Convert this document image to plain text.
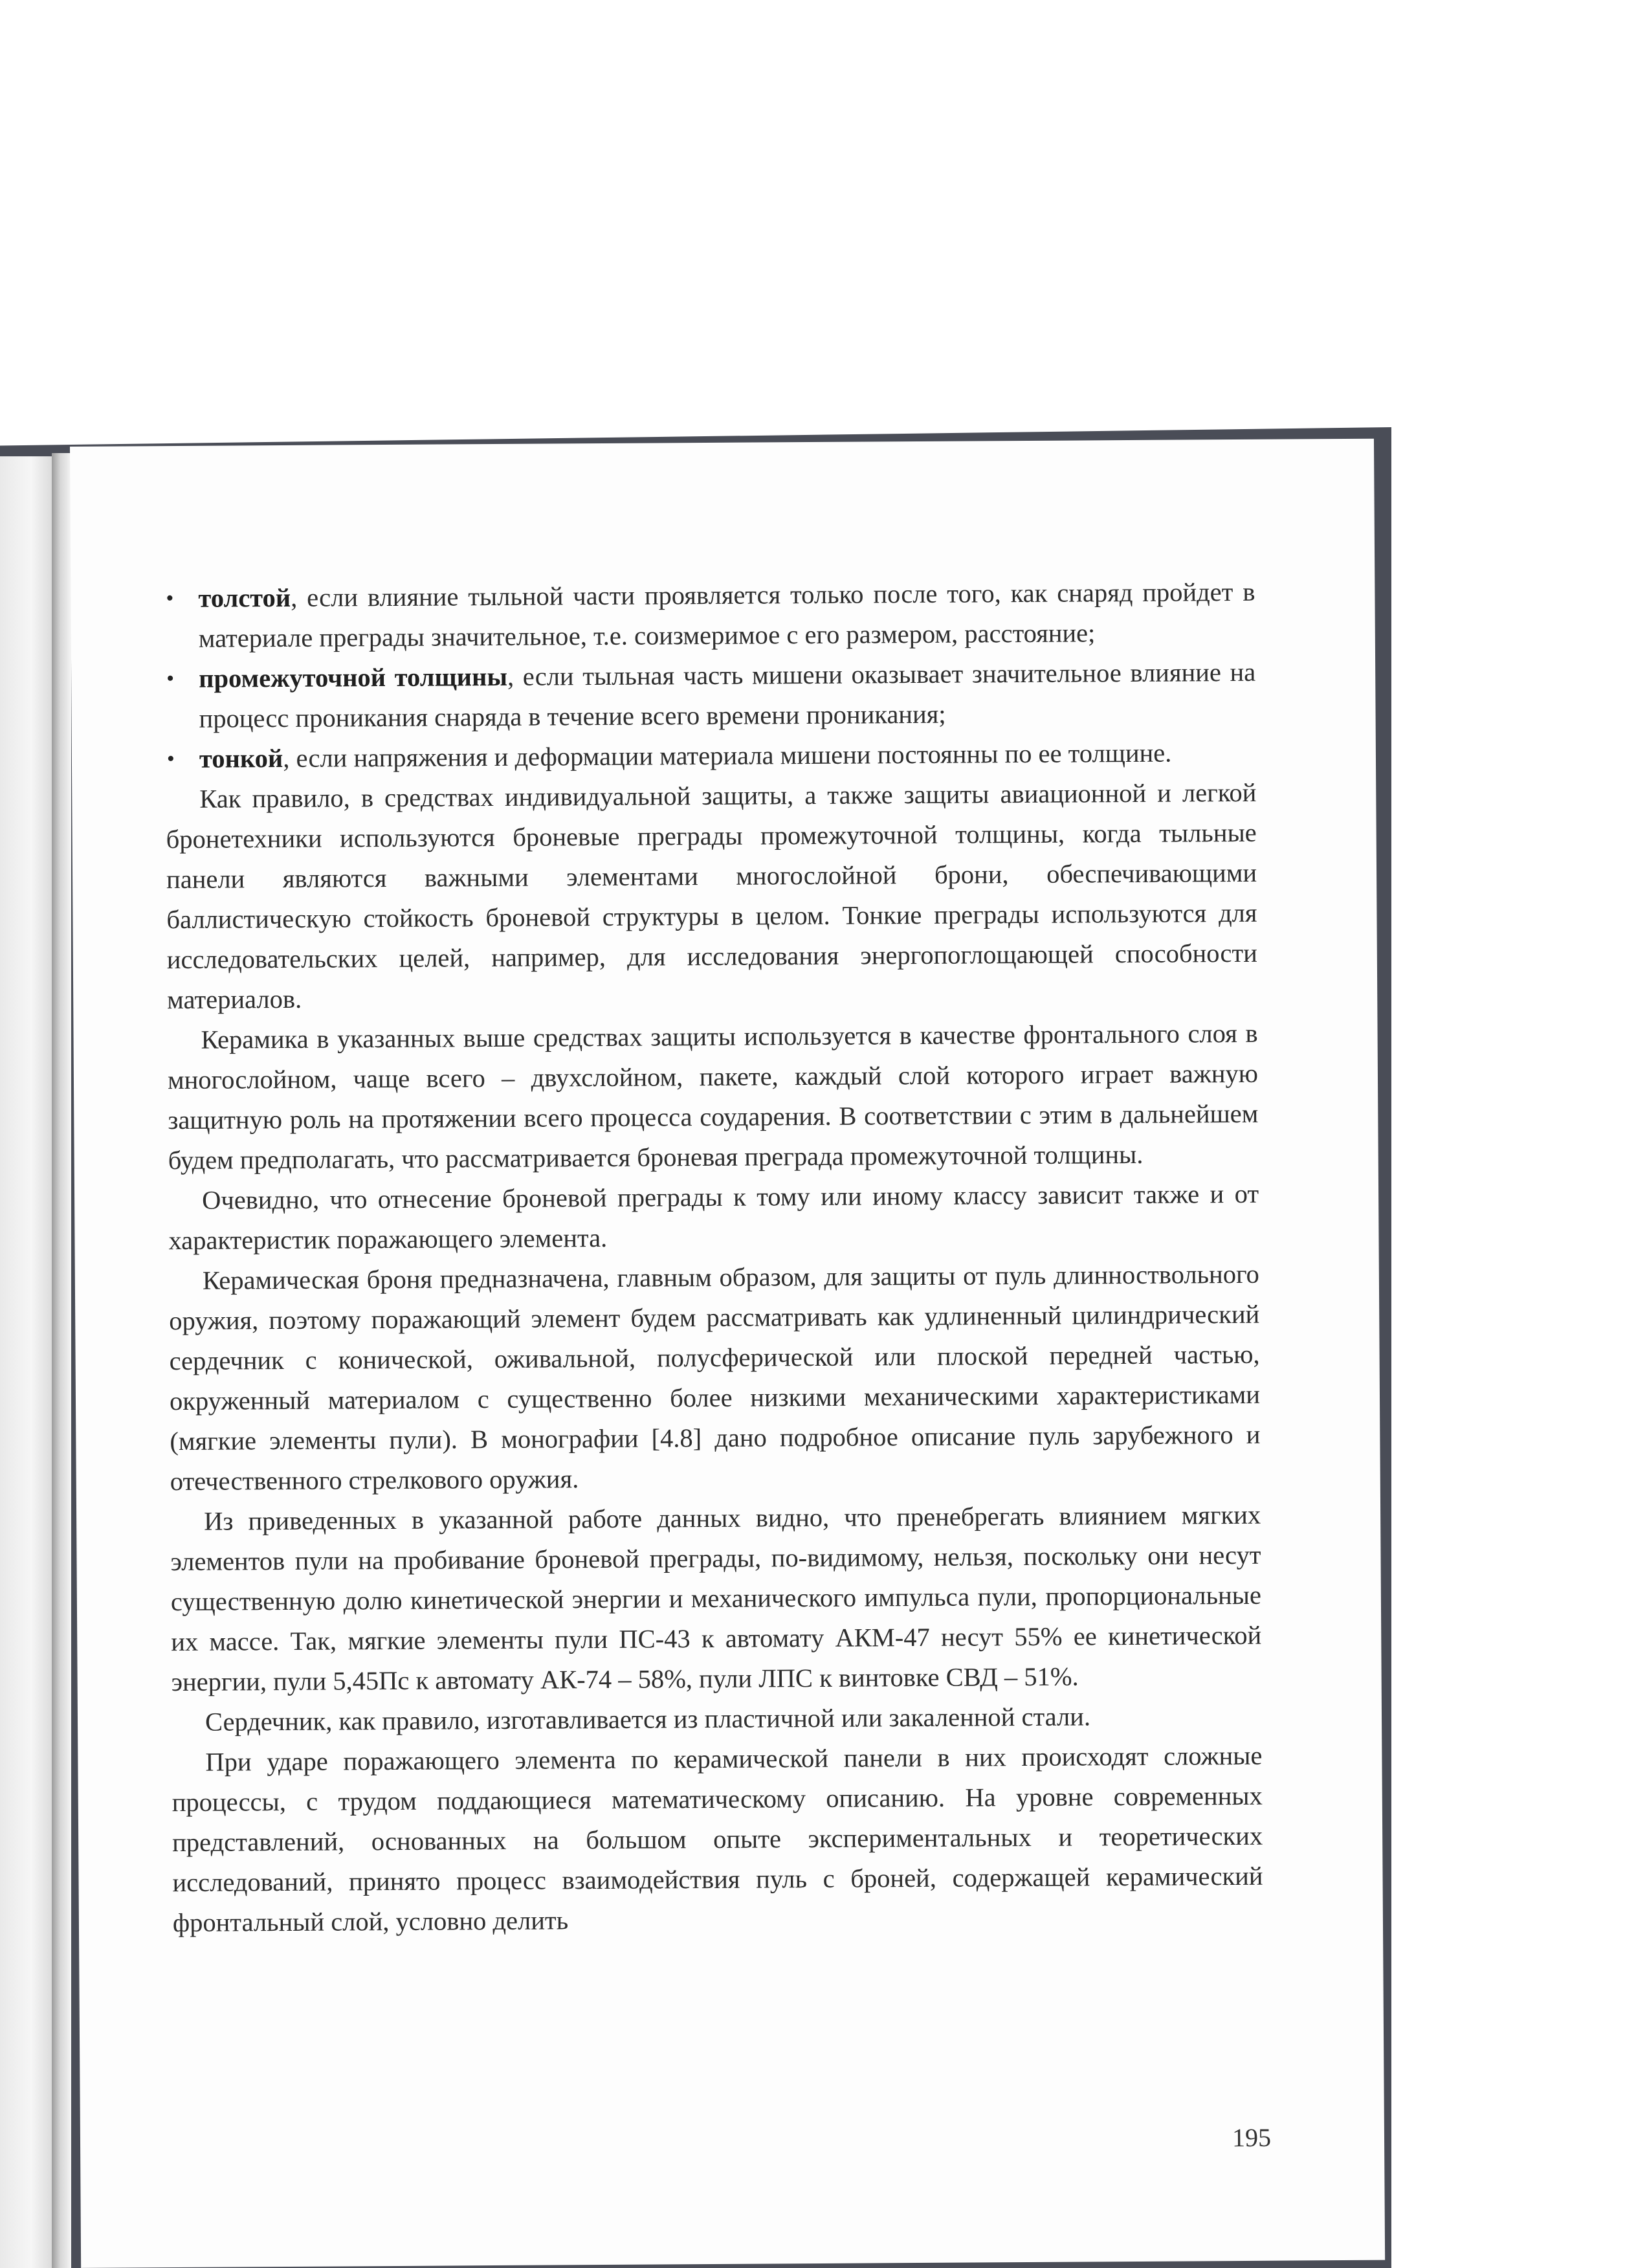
• толстой, если влияние тыльной части проявляется только после того, как снаряд пройдет в материале преграды значительное, т.е. соизмеримое с его размером, расстояние;
• промежуточной толщины, если тыльная часть мишени оказывает значительное влияние на процесс проникания снаряда в течение всего времени проникания;
• тонкой, если напряжения и деформации материала мишени постоянны по ее толщине.

Как правило, в средствах индивидуальной защиты, а также защиты авиационной и легкой бронетехники используются броневые преграды промежуточной толщины, когда тыльные панели являются важными элементами многослойной брони, обеспечивающими баллистическую стойкость броневой структуры в целом. Тонкие преграды используются для исследовательских целей, например, для исследования энергопоглощающей способности материалов.

Керамика в указанных выше средствах защиты используется в качестве фронтального слоя в многослойном, чаще всего – двухслойном, пакете, каждый слой которого играет важную защитную роль на протяжении всего процесса соударения. В соответствии с этим в дальнейшем будем предполагать, что рассматривается броневая преграда промежуточной толщины.

Очевидно, что отнесение броневой преграды к тому или иному классу зависит также и от характеристик поражающего элемента.

Керамическая броня предназначена, главным образом, для защиты от пуль длинноствольного оружия, поэтому поражающий элемент будем рассматривать как удлиненный цилиндрический сердечник с конической, оживальной, полусферической или плоской передней частью, окруженный материалом с существенно более низкими механическими характеристиками (мягкие элементы пули). В монографии [4.8] дано подробное описание пуль зарубежного и отечественного стрелкового оружия.

Из приведенных в указанной работе данных видно, что пренебрегать влиянием мягких элементов пули на пробивание броневой преграды, по-видимому, нельзя, поскольку они несут существенную долю кинетической энергии и механического импульса пули, пропорциональные их массе. Так, мягкие элементы пули ПС-43 к автомату АКМ-47 несут 55% ее кинетической энергии, пули 5,45Пс к автомату АК-74 – 58%, пули ЛПС к винтовке СВД – 51%.

Сердечник, как правило, изготавливается из пластичной или закаленной стали.

При ударе поражающего элемента по керамической панели в них происходят сложные процессы, с трудом поддающиеся математическому описанию. На уровне современных представлений, основанных на большом опыте экспериментальных и теоретических исследований, принято процесс взаимодействия пуль с броней, содержащей керамический фронтальный слой, условно делить

195
